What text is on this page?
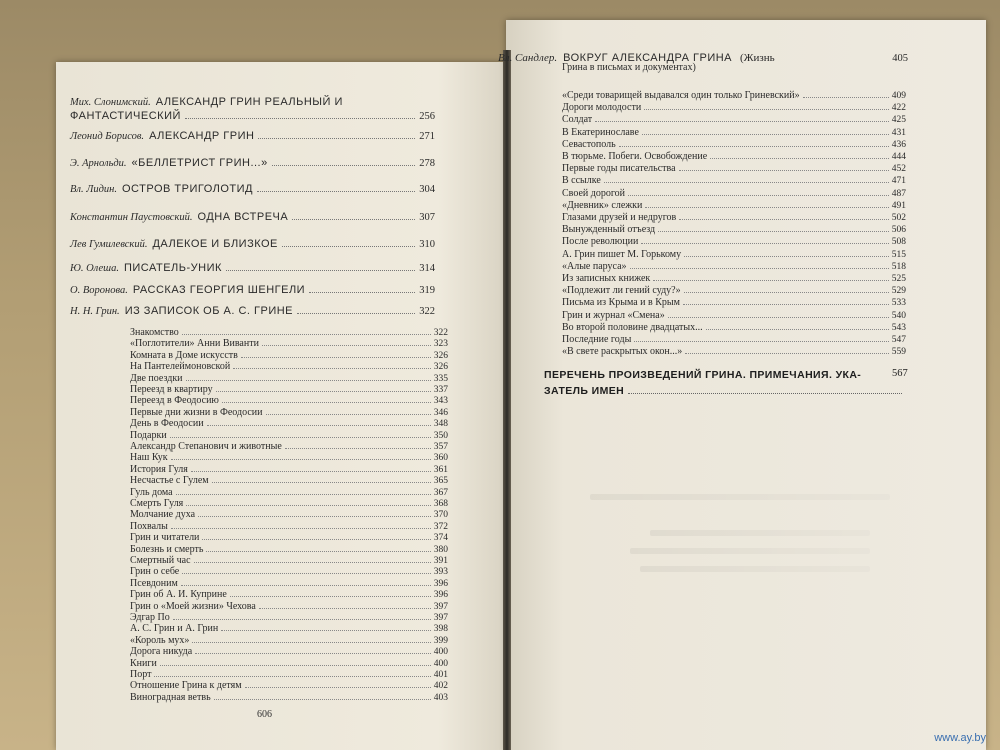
Мих. Слонимский. АЛЕКСАНДР ГРИН РЕАЛЬНЫЙ И
ФАНТАСТИЧЕСКИЙ	256
Леонид Борисов. АЛЕКСАНДР ГРИН	271
Э. Арнольди. «БЕЛЛЕТРИСТ ГРИН...»	278
Вл. Лидин. ОСТРОВ ТРИГОЛОТИД	304
Константин Паустовский. ОДНА ВСТРЕЧА	307
Лев Гумилевский. ДАЛЕКОЕ И БЛИЗКОЕ	310
Ю. Олеша. ПИСАТЕЛЬ-УНИК	314
О. Воронова. РАССКАЗ ГЕОРГИЯ ШЕНГЕЛИ	319
Н. Н. Грин. ИЗ ЗАПИСОК ОБ А. С. ГРИНЕ	322
Знакомство	322
«Поглотители» Анни Виванти	323
Комната в Доме искусств	326
На Пантелеймоновской	326
Две поездки	335
Переезд в квартиру	337
Переезд в Феодосию	343
Первые дни жизни в Феодосии	346
День в Феодосии	348
Подарки	350
Александр Степанович и животные	357
Наш Кук	360
История Гуля	361
Несчастье с Гулем	365
Гуль дома	367
Смерть Гуля	368
Молчание духа	370
Похвалы	372
Грин и читатели	374
Болезнь и смерть	380
Смертный час	391
Грин о себе	393
Псевдоним	396
Грин об А. И. Куприне	396
Грин о «Моей жизни» Чехова	397
Эдгар По	397
А. С. Грин и А. Грин	398
«Король мух»	399
Дорога никуда	400
Книги	400
Порт	401
Отношение Грина к детям	402
Виноградная ветвь	403
606
Вл. Сандлер. ВОКРУГ АЛЕКСАНДРА ГРИНА (Жизнь	405
Грина в письмах и документах)
«Среди товарищей выдавался один только Гриневский»	409
Дороги молодости	422
Солдат	425
В Екатеринославе	431
Севастополь	436
В тюрьме. Побеги. Освобождение	444
Первые годы писательства	452
В ссылке	471
Своей дорогой	487
«Дневник» слежки	491
Глазами друзей и недругов	502
Вынужденный отъезд	506
После революции	508
А. Грин пишет М. Горькому	515
«Алые паруса»	518
Из записных книжек	525
«Подлежит ли гений суду?»	529
Письма из Крыма и в Крым	533
Грин и журнал «Смена»	540
Во второй половине двадцатых...	543
Последние годы	547
«В свете раскрытых окон...»	559
ПЕРЕЧЕНЬ ПРОИЗВЕДЕНИЙ ГРИНА. ПРИМЕЧАНИЯ. УКА-
ЗАТЕЛЬ ИМЕН
567
www.ay.by
